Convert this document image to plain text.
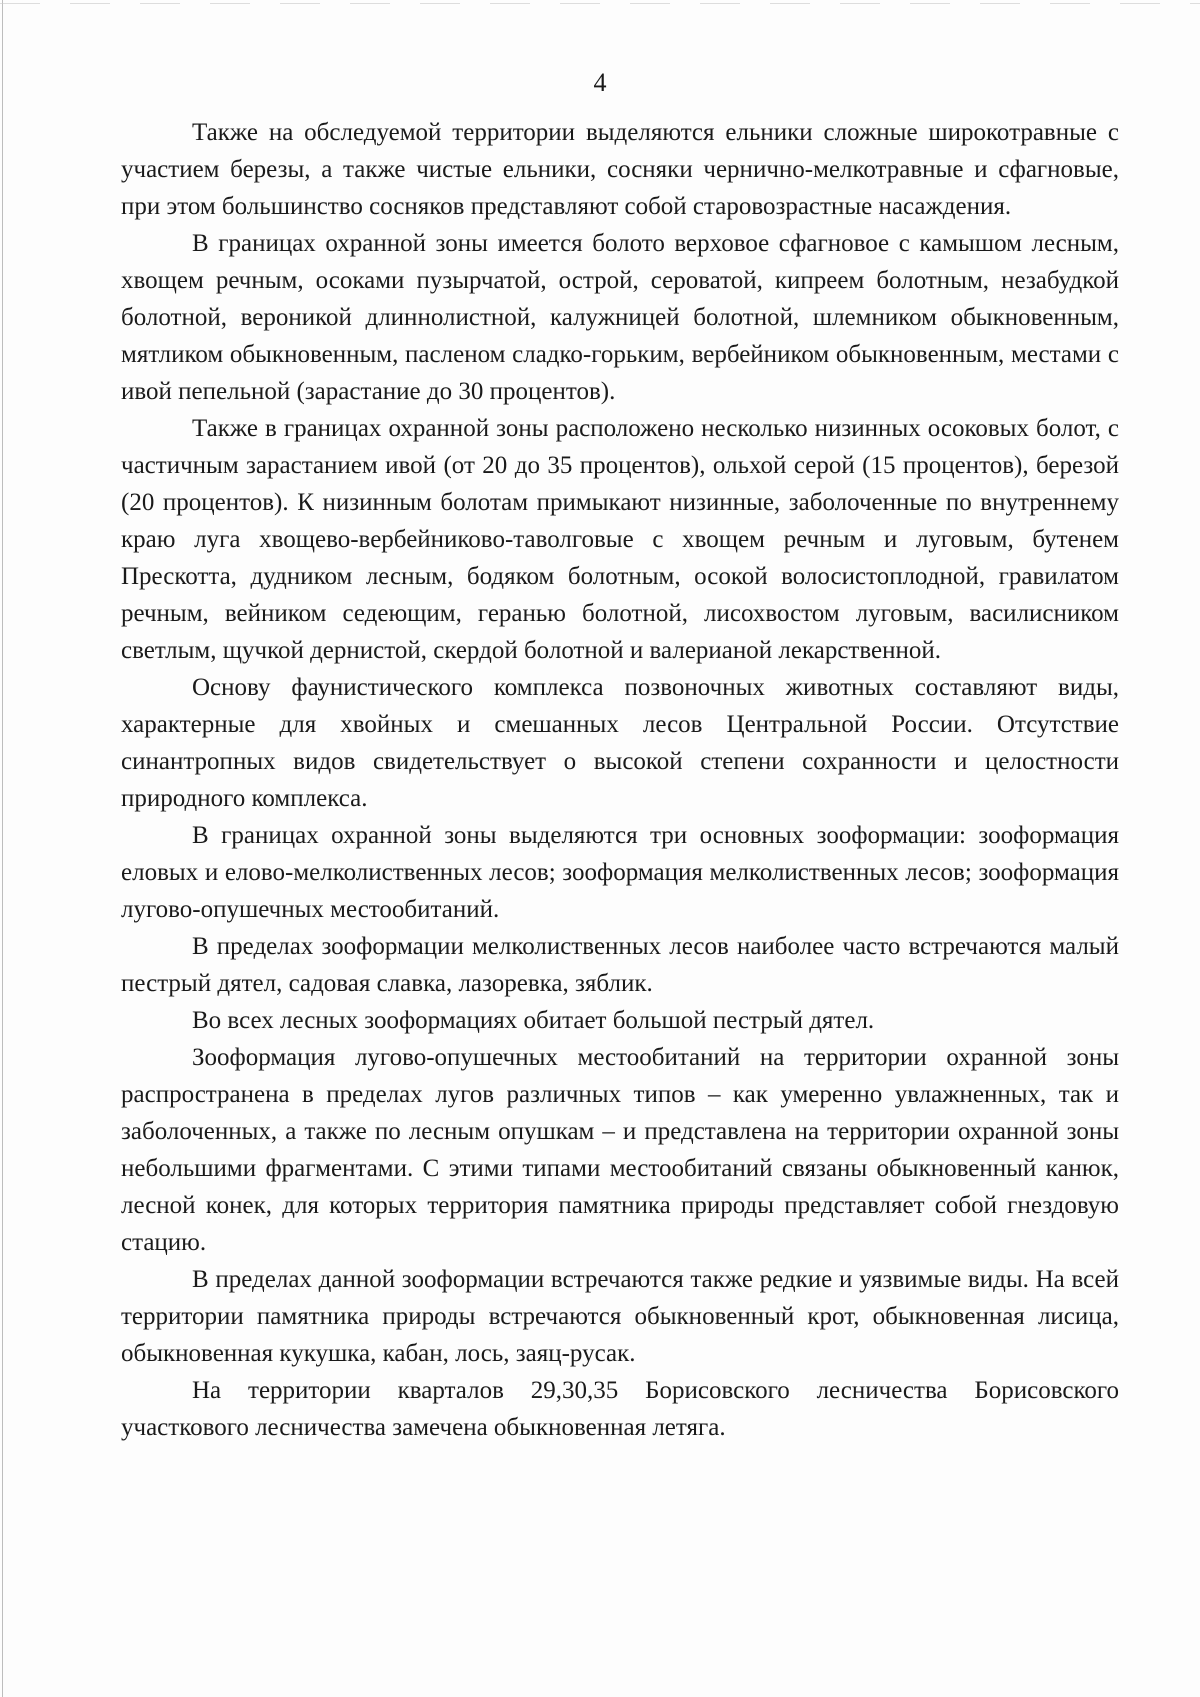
4

Также на обследуемой территории выделяются ельники сложные широкотравные с участием березы, а также чистые ельники, сосняки чернично-мелкотравные и сфагновые, при этом большинство сосняков представляют собой старовозрастные насаждения.

В границах охранной зоны имеется болото верховое сфагновое с камышом лесным, хвощем речным, осоками пузырчатой, острой, сероватой, кипреем болотным, незабудкой болотной, вероникой длиннолистной, калужницей болотной, шлемником обыкновенным, мятликом обыкновенным, пасленом сладко-горьким, вербейником обыкновенным, местами с ивой пепельной (зарастание до 30 процентов).

Также в границах охранной зоны расположено несколько низинных осоковых болот, с частичным зарастанием ивой (от 20 до 35 процентов), ольхой серой (15 процентов), березой (20 процентов). К низинным болотам примыкают низинные, заболоченные по внутреннему краю луга хвощево-вербейниково-таволговые с хвощем речным и луговым, бутенем Прескотта, дудником лесным, бодяком болотным, осокой волосистоплодной, гравилатом речным, вейником седеющим, геранью болотной, лисохвостом луговым, василисником светлым, щучкой дернистой, скердой болотной и валерианой лекарственной.

Основу фаунистического комплекса позвоночных животных составляют виды, характерные для хвойных и смешанных лесов Центральной России. Отсутствие синантропных видов свидетельствует о высокой степени сохранности и целостности природного комплекса.

В границах охранной зоны выделяются три основных зооформации: зооформация еловых и елово-мелколиственных лесов; зооформация мелколиственных лесов; зооформация лугово-опушечных местообитаний.

В пределах зооформации мелколиственных лесов наиболее часто встречаются малый пестрый дятел, садовая славка, лазоревка, зяблик.

Во всех лесных зооформациях обитает большой пестрый дятел.

Зооформация лугово-опушечных местообитаний на территории охранной зоны распространена в пределах лугов различных типов – как умеренно увлажненных, так и заболоченных, а также по лесным опушкам – и представлена на территории охранной зоны небольшими фрагментами. С этими типами местообитаний связаны обыкновенный канюк, лесной конек, для которых территория памятника природы представляет собой гнездовую стацию.

В пределах данной зооформации встречаются также редкие и уязвимые виды. На всей территории памятника природы встречаются обыкновенный крот, обыкновенная лисица, обыкновенная кукушка, кабан, лось, заяц-русак.

На территории кварталов 29,30,35 Борисовского лесничества Борисовского участкового лесничества замечена обыкновенная летяга.
